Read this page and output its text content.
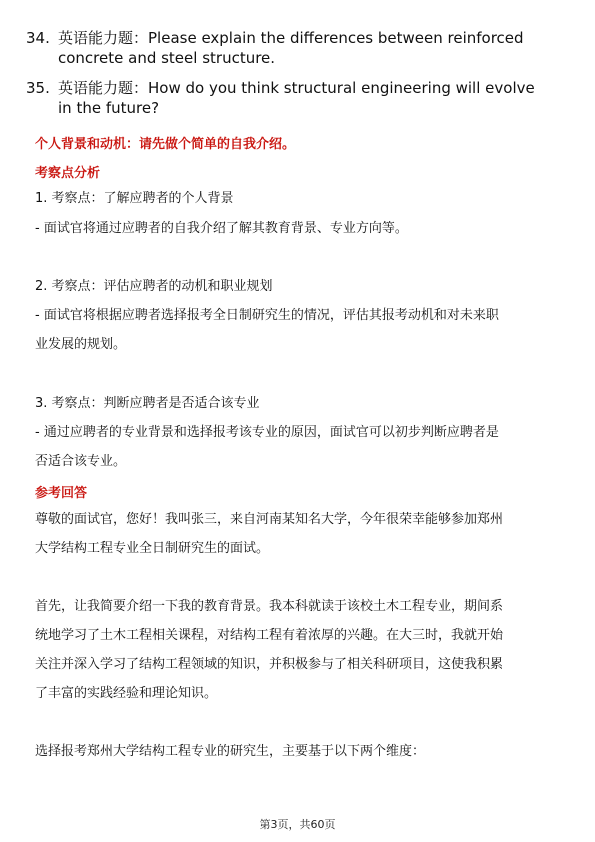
34. 英语能力题：Please explain the differences between reinforced
concrete and steel structure.
35. 英语能力题：How do you think structural engineering will evolve
in the future?
个人背景和动机：请先做个简单的自我介绍。
考察点分析
1. 考察点：了解应聘者的个人背景
- 面试官将通过应聘者的自我介绍了解其教育背景、专业方向等。
2. 考察点：评估应聘者的动机和职业规划
- 面试官将根据应聘者选择报考全日制研究生的情况，评估其报考动机和对未来职
业发展的规划。
3. 考察点：判断应聘者是否适合该专业
- 通过应聘者的专业背景和选择报考该专业的原因，面试官可以初步判断应聘者是
否适合该专业。
参考回答
尊敬的面试官，您好！我叫张三，来自河南某知名大学，今年很荣幸能够参加郑州
大学结构工程专业全日制研究生的面试。
首先，让我简要介绍一下我的教育背景。我本科就读于该校土木工程专业，期间系
统地学习了土木工程相关课程，对结构工程有着浓厚的兴趣。在大三时，我就开始
关注并深入学习了结构工程领域的知识，并积极参与了相关科研项目，这使我积累
了丰富的实践经验和理论知识。
选择报考郑州大学结构工程专业的研究生，主要基于以下两个维度：
第3页，共60页
